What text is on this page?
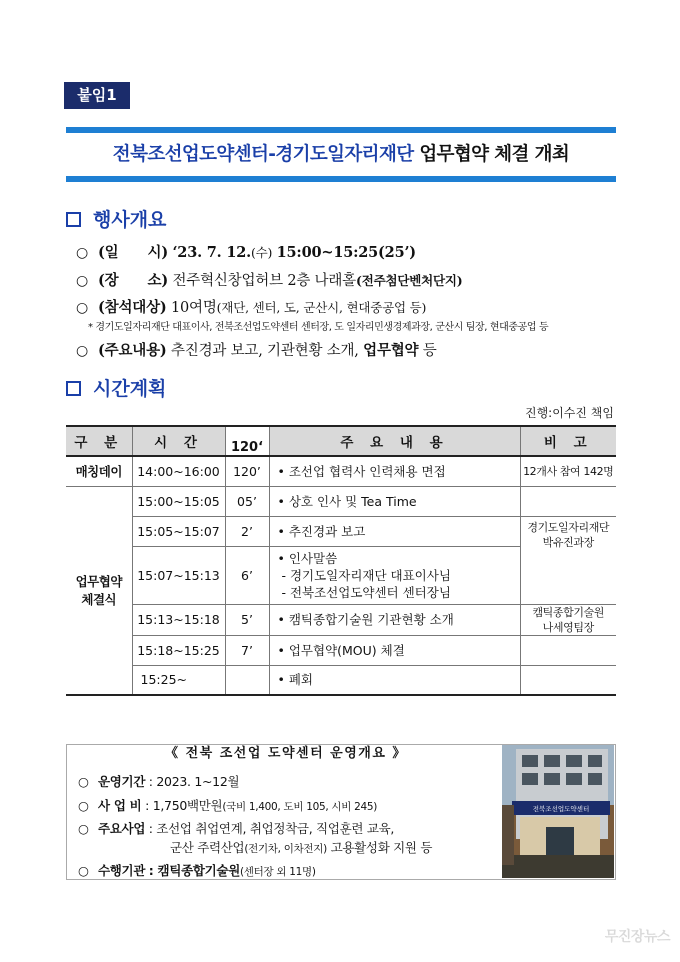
붙임1
전북조선업도약센터-경기도일자리재단 업무협약 체결 개최
행사개요
○ (일      시) ‘23. 7. 12.(수) 15:00~15:25(25’)
○ (장      소) 전주혁신창업허브 2층 나래홀(전주첨단벤처단지)
○ (참석대상) 10여명(재단, 센터, 도, 군산시, 현대중공업 등)
* 경기도일자리재단 대표이사, 전북조선업도약센터 센터장, 도 일자리민생경제과장, 군산시 팀장, 현대중공업 등
○ (주요내용) 추진경과 보고, 기관현황 소개, 업무협약 등
시간계획
진행:이수진 책임
구 분	시 간	120‘	주 요 내 용	비 고
매칭데이	14:00~16:00	120’	• 조선업 협력사 인력채용 면접	12개사 참여 142명
업무협약
체결식	15:00~15:05	05’	• 상호 인사 및 Tea Time	
	15:05~15:07	2’	• 추진경과 보고	경기도일자리재단
박유진과장
	15:07~15:13	6’	• 인사말씀
- 경기도일자리재단 대표이사님
- 전북조선업도약센터 센터장님	

	15:13~15:18	5’	• 캠틱종합기술원 기관현황 소개	캠틱종합기술원
나세영팀장
	15:18~15:25	7’	• 업무협약(MOU) 체결	
	15:25~		• 폐회	
《 전북 조선업 도약센터 운영개요 》
○ 운영기간 : 2023. 1~12월
○ 사 업 비 : 1,750백만원(국비 1,400, 도비 105, 시비 245)
○ 주요사업 : 조선업 취업연계, 취업정착금, 직업훈련 교육,
군산 주력산업(전기차, 이차전지) 고용활성화 지원 등
○ 수행기관 : 캠틱종합기술원(센터장 외 11명)
전북조선업도약센터
무진장뉴스
